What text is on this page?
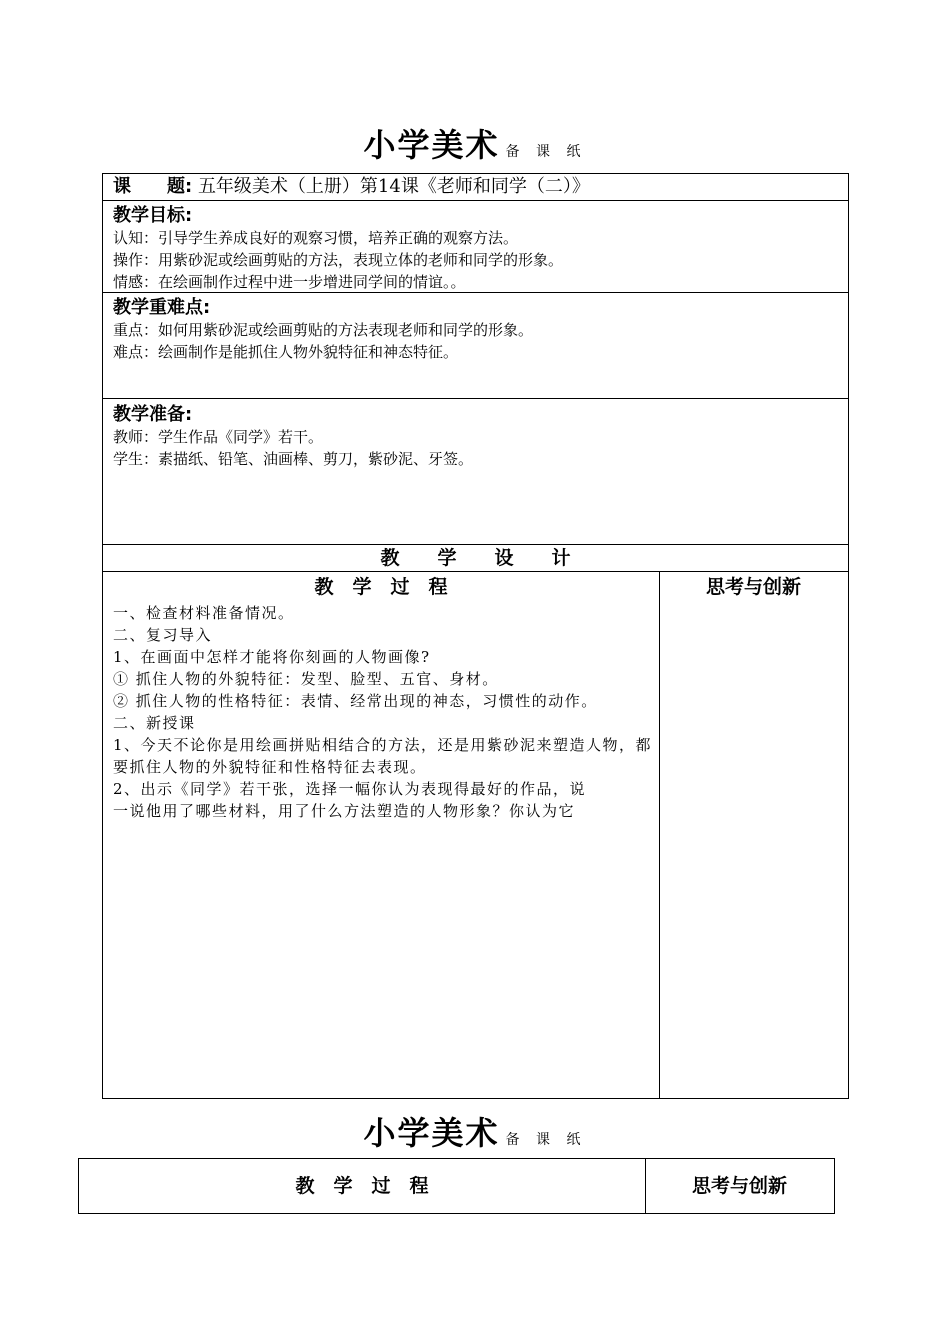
小学美术 备 课 纸
课　　题: 五年级美术（上册）第14课《老师和同学（二）》
教学目标:
认知：引导学生养成良好的观察习惯，培养正确的观察方法。
操作：用紫砂泥或绘画剪贴的方法，表现立体的老师和同学的形象。
情感：在绘画制作过程中进一步增进同学间的情谊。。
教学重难点:
重点：如何用紫砂泥或绘画剪贴的方法表现老师和同学的形象。
难点：绘画制作是能抓住人物外貌特征和神态特征。
教学准备:
教师：学生作品《同学》若干。
学生：素描纸、铅笔、油画棒、剪刀，紫砂泥、牙签。
教　　学　　设　　计
教　学　过　程	思考与创新
一、检查材料准备情况。
二、复习导入
1、在画面中怎样才能将你刻画的人物画像?
① 抓住人物的外貌特征：发型、脸型、五官、身材。
② 抓住人物的性格特征：表情、经常出现的神态，习惯性的动作。
二、新授课
1、今天不论你是用绘画拼贴相结合的方法，还是用紫砂泥来塑造人物，都要抓住人物的外貌特征和性格特征去表现。
2、出示《同学》若干张，选择一幅你认为表现得最好的作品，说
一说他用了哪些材料，用了什么方法塑造的人物形象？你认为它
小学美术 备 课 纸
教　学　过　程	思考与创新
